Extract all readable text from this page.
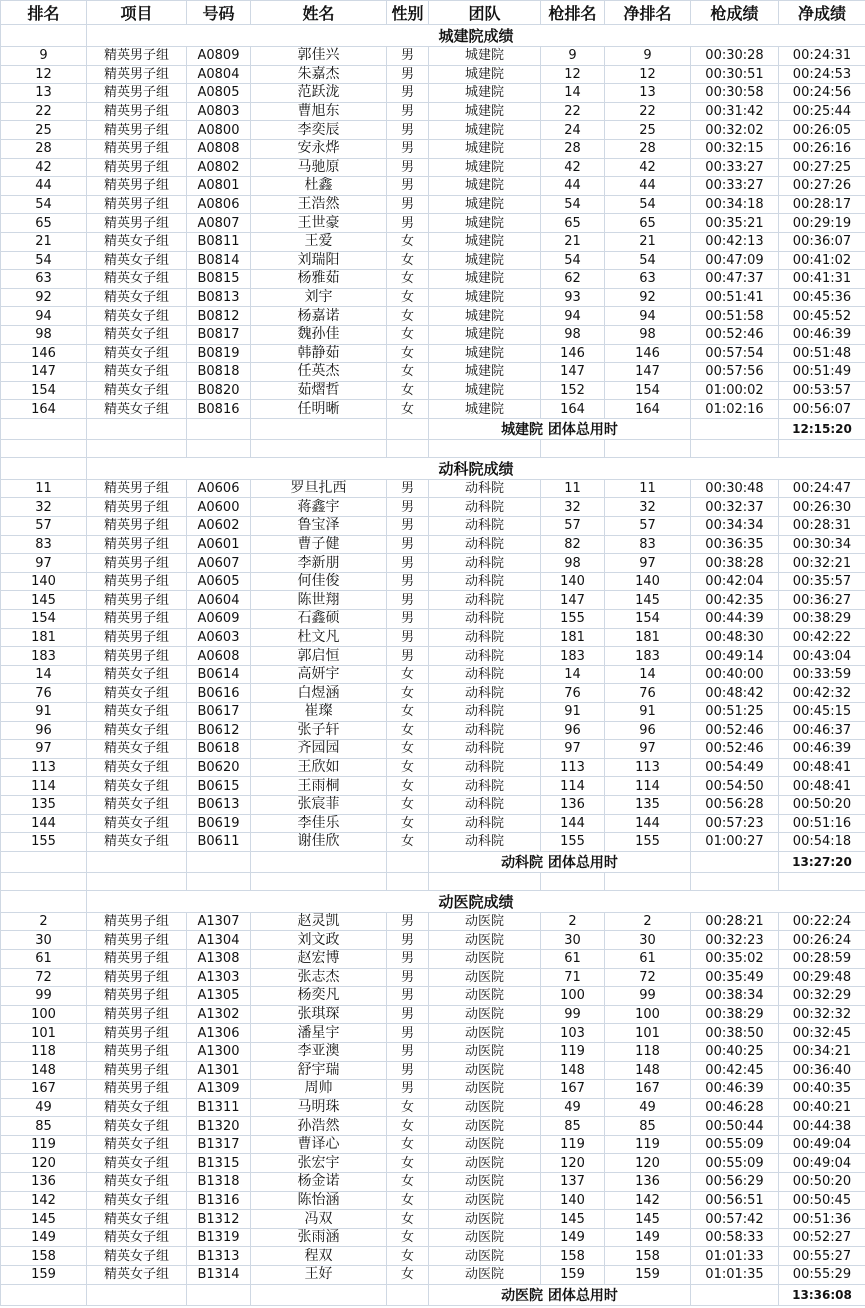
排名	项目	号码	姓名	性别	团队	枪排名	净排名	枪成绩	净成绩
	城建院成绩								
9	精英男子组	A0809	郭佳兴	男	城建院	9	9	00:30:28	00:24:31
12	精英男子组	A0804	朱嘉杰	男	城建院	12	12	00:30:51	00:24:53
13	精英男子组	A0805	范跃泷	男	城建院	14	13	00:30:58	00:24:56
22	精英男子组	A0803	曹旭东	男	城建院	22	22	00:31:42	00:25:44
25	精英男子组	A0800	李奕辰	男	城建院	24	25	00:32:02	00:26:05
28	精英男子组	A0808	安永烨	男	城建院	28	28	00:32:15	00:26:16
42	精英男子组	A0802	马驰原	男	城建院	42	42	00:33:27	00:27:25
44	精英男子组	A0801	杜鑫	男	城建院	44	44	00:33:27	00:27:26
54	精英男子组	A0806	王浩然	男	城建院	54	54	00:34:18	00:28:17
65	精英男子组	A0807	王世豪	男	城建院	65	65	00:35:21	00:29:19
21	精英女子组	B0811	王爱	女	城建院	21	21	00:42:13	00:36:07
54	精英女子组	B0814	刘瑞阳	女	城建院	54	54	00:47:09	00:41:02
63	精英女子组	B0815	杨雅茹	女	城建院	62	63	00:47:37	00:41:31
92	精英女子组	B0813	刘宇	女	城建院	93	92	00:51:41	00:45:36
94	精英女子组	B0812	杨嘉诺	女	城建院	94	94	00:51:58	00:45:52
98	精英女子组	B0817	魏孙佳	女	城建院	98	98	00:52:46	00:46:39
146	精英女子组	B0819	韩静茹	女	城建院	146	146	00:57:54	00:51:48
147	精英女子组	B0818	任英杰	女	城建院	147	147	00:57:56	00:51:49
154	精英女子组	B0820	茹熠哲	女	城建院	152	154	01:00:02	00:53:57
164	精英女子组	B0816	任明晰	女	城建院	164	164	01:02:16	00:56:07
					城建院 团体总用时				12:15:20

	动科院成绩								
11	精英男子组	A0606	罗旦扎西	男	动科院	11	11	00:30:48	00:24:47
32	精英男子组	A0600	蒋鑫宇	男	动科院	32	32	00:32:37	00:26:30
57	精英男子组	A0602	鲁宝泽	男	动科院	57	57	00:34:34	00:28:31
83	精英男子组	A0601	曹子健	男	动科院	82	83	00:36:35	00:30:34
97	精英男子组	A0607	李新朋	男	动科院	98	97	00:38:28	00:32:21
140	精英男子组	A0605	何佳俊	男	动科院	140	140	00:42:04	00:35:57
145	精英男子组	A0604	陈世翔	男	动科院	147	145	00:42:35	00:36:27
154	精英男子组	A0609	石鑫硕	男	动科院	155	154	00:44:39	00:38:29
181	精英男子组	A0603	杜文凡	男	动科院	181	181	00:48:30	00:42:22
183	精英男子组	A0608	郭启恒	男	动科院	183	183	00:49:14	00:43:04
14	精英女子组	B0614	高妍宇	女	动科院	14	14	00:40:00	00:33:59
76	精英女子组	B0616	白煜涵	女	动科院	76	76	00:48:42	00:42:32
91	精英女子组	B0617	崔璨	女	动科院	91	91	00:51:25	00:45:15
96	精英女子组	B0612	张子轩	女	动科院	96	96	00:52:46	00:46:37
97	精英女子组	B0618	齐园园	女	动科院	97	97	00:52:46	00:46:39
113	精英女子组	B0620	王欣如	女	动科院	113	113	00:54:49	00:48:41
114	精英女子组	B0615	王雨桐	女	动科院	114	114	00:54:50	00:48:41
135	精英女子组	B0613	张宸菲	女	动科院	136	135	00:56:28	00:50:20
144	精英女子组	B0619	李佳乐	女	动科院	144	144	00:57:23	00:51:16
155	精英女子组	B0611	谢佳欣	女	动科院	155	155	01:00:27	00:54:18
					动科院 团体总用时				13:27:20

	动医院成绩								
2	精英男子组	A1307	赵灵凯	男	动医院	2	2	00:28:21	00:22:24
30	精英男子组	A1304	刘文政	男	动医院	30	30	00:32:23	00:26:24
61	精英男子组	A1308	赵宏博	男	动医院	61	61	00:35:02	00:28:59
72	精英男子组	A1303	张志杰	男	动医院	71	72	00:35:49	00:29:48
99	精英男子组	A1305	杨奕凡	男	动医院	100	99	00:38:34	00:32:29
100	精英男子组	A1302	张琪琛	男	动医院	99	100	00:38:29	00:32:32
101	精英男子组	A1306	潘星宇	男	动医院	103	101	00:38:50	00:32:45
118	精英男子组	A1300	李亚澳	男	动医院	119	118	00:40:25	00:34:21
148	精英男子组	A1301	舒宇瑞	男	动医院	148	148	00:42:45	00:36:40
167	精英男子组	A1309	周帅	男	动医院	167	167	00:46:39	00:40:35
49	精英女子组	B1311	马明珠	女	动医院	49	49	00:46:28	00:40:21
85	精英女子组	B1320	孙浩然	女	动医院	85	85	00:50:44	00:44:38
119	精英女子组	B1317	曹译心	女	动医院	119	119	00:55:09	00:49:04
120	精英女子组	B1315	张宏宇	女	动医院	120	120	00:55:09	00:49:04
136	精英女子组	B1318	杨金诺	女	动医院	137	136	00:56:29	00:50:20
142	精英女子组	B1316	陈怡涵	女	动医院	140	142	00:56:51	00:50:45
145	精英女子组	B1312	冯双	女	动医院	145	145	00:57:42	00:51:36
149	精英女子组	B1319	张雨涵	女	动医院	149	149	00:58:33	00:52:27
158	精英女子组	B1313	程双	女	动医院	158	158	01:01:33	00:55:27
159	精英女子组	B1314	王好	女	动医院	159	159	01:01:35	00:55:29
					动医院 团体总用时				13:36:08
